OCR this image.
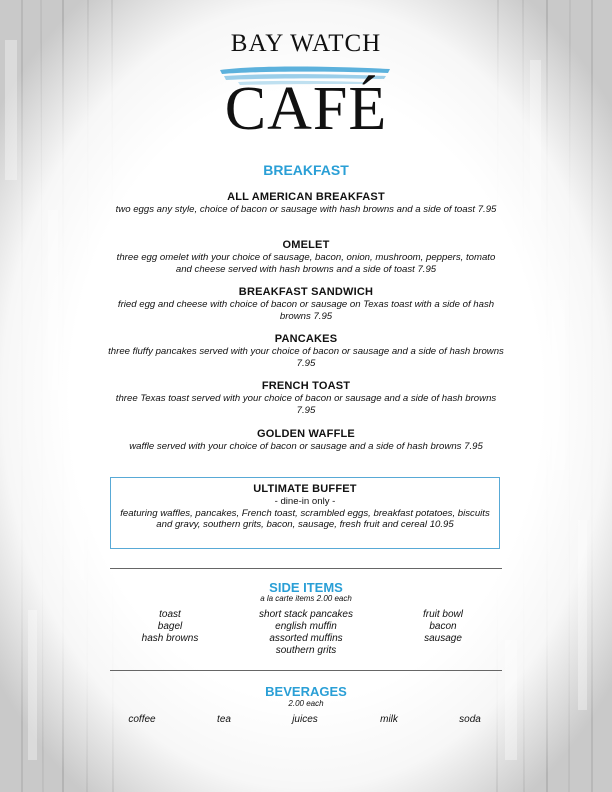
BAY WATCH
CAFÉ
BREAKFAST
ALL AMERICAN BREAKFAST
two eggs any style, choice of bacon or sausage with hash browns and a side of toast 7.95
OMELET
three egg omelet with your choice of sausage, bacon, onion, mushroom, peppers, tomato and cheese served with hash browns and a side of toast 7.95
BREAKFAST SANDWICH
fried egg and cheese with choice of bacon or sausage on Texas toast with a side of hash browns 7.95
PANCAKES
three fluffy pancakes served with your choice of bacon or sausage and a side of hash browns 7.95
FRENCH TOAST
three Texas toast served with your choice of bacon or sausage and a side of hash browns 7.95
GOLDEN WAFFLE
waffle served with your choice of bacon or sausage and a side of hash browns 7.95
ULTIMATE BUFFET
- dine-in only -
featuring waffles, pancakes, French toast, scrambled eggs, breakfast potatoes, biscuits and gravy, southern grits, bacon, sausage, fresh fruit and cereal 10.95
SIDE ITEMS
a la carte items 2.00 each
toast
bagel
hash browns
short stack pancakes
english muffin
assorted muffins
southern grits
fruit bowl
bacon
sausage
BEVERAGES
2.00 each
coffee	tea	juices	milk	soda
